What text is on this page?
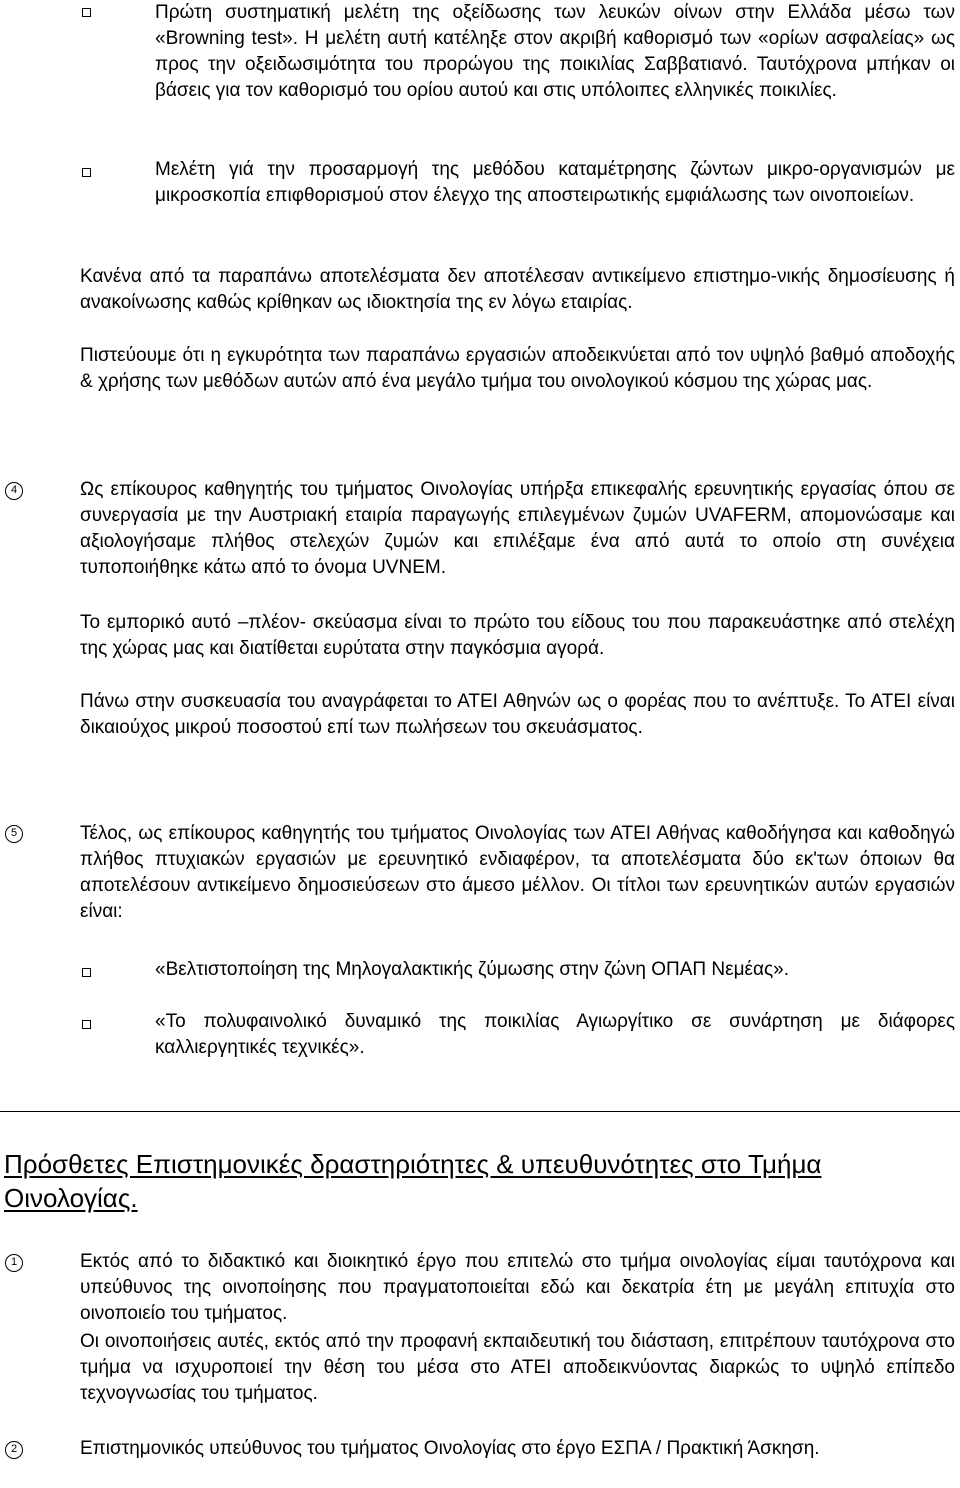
Πρώτη συστηματική μελέτη της οξείδωσης των λευκών οίνων στην Ελλάδα μέσω των «Browning test». Η μελέτη αυτή κατέληξε στον ακριβή καθορισμό των «ορίων ασφαλείας» ως προς την οξειδωσιμότητα του προρώγου της ποικιλίας Σαββατιανό. Ταυτόχρονα μπήκαν οι βάσεις για τον καθορισμό του ορίου αυτού και στις υπόλοιπες ελληνικές ποικιλίες.

Μελέτη γιά την προσαρμογή της μεθόδου καταμέτρησης ζώντων μικρο-οργανισμών με μικροσκοπία επιφθορισμού στον έλεγχο της αποστειρωτικής εμφιάλωσης των οινοποιείων.

Κανένα από τα παραπάνω αποτελέσματα δεν αποτέλεσαν αντικείμενο επιστημο-νικής δημοσίευσης ή ανακοίνωσης καθώς κρίθηκαν ως ιδιοκτησία της εν λόγω εταιρίας.

Πιστεύουμε ότι η εγκυρότητα των παραπάνω εργασιών αποδεικνύεται από τον υψηλό βαθμό αποδοχής & χρήσης των μεθόδων αυτών από ένα μεγάλο τμήμα του οινολογικού κόσμου της χώρας μας.

4	Ως επίκουρος καθηγητής του τμήματος Οινολογίας υπήρξα επικεφαλής ερευνητικής εργασίας όπου σε συνεργασία με την Αυστριακή εταιρία παραγωγής επιλεγμένων ζυμών UVAFERM, απομονώσαμε και αξιολογήσαμε πλήθος στελεχών ζυμών και επιλέξαμε ένα από αυτά το οποίο στη συνέχεια τυποποιήθηκε κάτω από το όνομα UVNEM.

Το εμπορικό αυτό –πλέον- σκεύασμα είναι το πρώτο του είδους του που παρακευάστηκε από στελέχη της χώρας μας και διατίθεται ευρύτατα στην παγκόσμια αγορά.

Πάνω στην συσκευασία του αναγράφεται το ΑΤΕΙ Αθηνών ως ο φορέας που το ανέπτυξε. Το ΑΤΕΙ είναι δικαιούχος μικρού ποσοστού επί των πωλήσεων του σκευάσματος.

5	Τέλος, ως επίκουρος καθηγητής του τμήματος Οινολογίας των ΑΤΕΙ Αθήνας καθοδήγησα και καθοδηγώ πλήθος πτυχιακών εργασιών με ερευνητικό ενδιαφέρον, τα αποτελέσματα δύο εκ'των όποιων θα αποτελέσουν αντικείμενο δημοσιεύσεων στο άμεσο μέλλον. Οι τίτλοι των ερευνητικών αυτών εργασιών είναι:

«Βελτιστοποίηση της Μηλογαλακτικής ζύμωσης στην ζώνη ΟΠΑΠ Νεμέας».

«Το πολυφαινολικό δυναμικό της ποικιλίας Αγιωργίτικο σε συνάρτηση με διάφορες καλλιεργητικές τεχνικές».

Πρόσθετες Επιστημονικές δραστηριότητες & υπευθυνότητες στο Τμήμα Οινολογίας.
1	Εκτός από το διδακτικό και διοικητικό έργο που επιτελώ στο τμήμα οινολογίας είμαι ταυτόχρονα και υπεύθυνος της οινοποίησης που πραγματοποιείται εδώ και δεκατρία έτη με μεγάλη επιτυχία στο οινοποιείο του τμήματος.

Οι οινοποιήσεις αυτές, εκτός από την προφανή εκπαιδευτική του διάσταση, επιτρέπουν ταυτόχρονα στο τμήμα να ισχυροποιεί την θέση του μέσα στο ΑΤΕΙ αποδεικνύοντας διαρκώς το υψηλό επίπεδο τεχνογνωσίας του τμήματος.

2	Επιστημονικός υπεύθυνος του τμήματος Οινολογίας στο έργο ΕΣΠΑ / Πρακτική Άσκηση.
